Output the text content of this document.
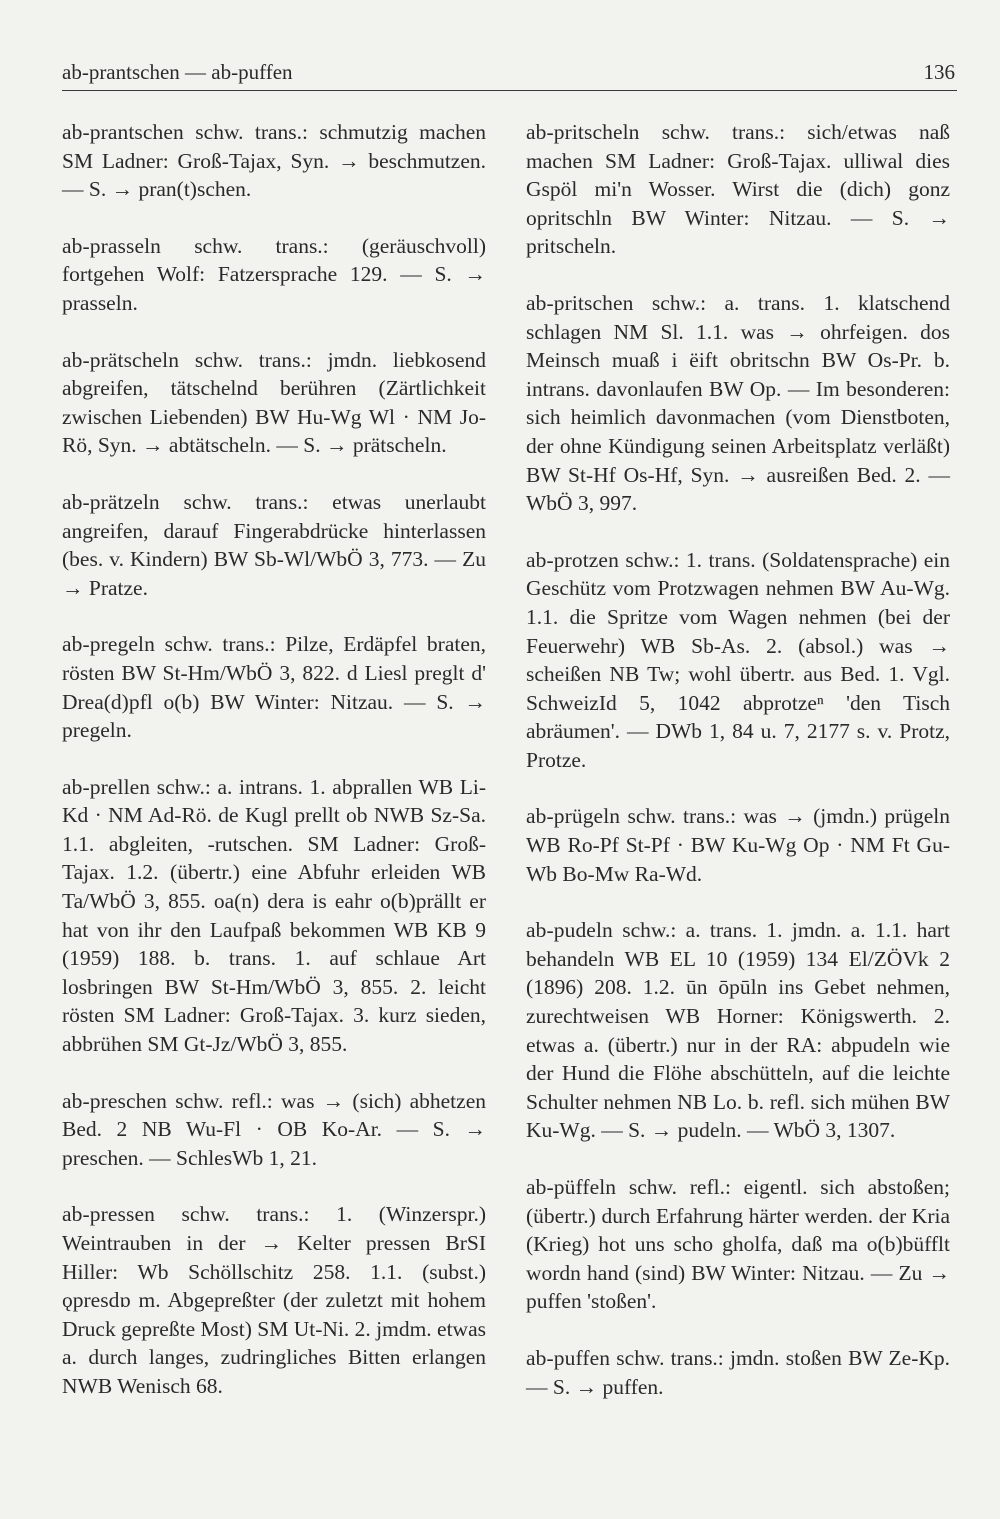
ab-prantschen — ab-puffen	136

ab-prantschen schw. trans.: schmutzig machen SM Ladner: Groß-Tajax, Syn. → beschmutzen. — S. → pran(t)schen.

ab-prasseln schw. trans.: (geräuschvoll) fortgehen Wolf: Fatzersprache 129. — S. → prasseln.

ab-prätscheln schw. trans.: jmdn. liebkosend abgreifen, tätschelnd berühren (Zärtlichkeit zwischen Liebenden) BW Hu-Wg Wl · NM Jo-Rö, Syn. → abtätscheln. — S. → prätscheln.

ab-prätzeln schw. trans.: etwas unerlaubt angreifen, darauf Fingerabdrücke hinterlassen (bes. v. Kindern) BW Sb-Wl/WbÖ 3, 773. — Zu → Pratze.

ab-pregeln schw. trans.: Pilze, Erdäpfel braten, rösten BW St-Hm/WbÖ 3, 822. d Liesl preglt d' Drea(d)pfl o(b) BW Winter: Nitzau. — S. → pregeln.

ab-prellen schw.: a. intrans. 1. abprallen WB Li-Kd · NM Ad-Rö. de Kugl prellt ob NWB Sz-Sa. 1.1. abgleiten, -rutschen. SM Ladner: Groß-Tajax. 1.2. (übertr.) eine Abfuhr erleiden WB Ta/WbÖ 3, 855. oa(n) dera is eahr o(b)prällt er hat von ihr den Laufpaß bekommen WB KB 9 (1959) 188. b. trans. 1. auf schlaue Art losbringen BW St-Hm/WbÖ 3, 855. 2. leicht rösten SM Ladner: Groß-Tajax. 3. kurz sieden, abbrühen SM Gt-Jz/WbÖ 3, 855.

ab-preschen schw. refl.: was → (sich) abhetzen Bed. 2 NB Wu-Fl · OB Ko-Ar. — S. → preschen. — SchlesWb 1, 21.

ab-pressen schw. trans.: 1. (Winzerspr.) Weintrauben in der → Kelter pressen BrSI Hiller: Wb Schöllschitz 258. 1.1. (subst.) ǫpresdɒ m. Abgepreßter (der zuletzt mit hohem Druck gepreßte Most) SM Ut-Ni. 2. jmdm. etwas a. durch langes, zudringliches Bitten erlangen NWB Wenisch 68.

ab-pritscheln schw. trans.: sich/etwas naß machen SM Ladner: Groß-Tajax. ulliwal dies Gspöl mi'n Wosser. Wirst die (dich) gonz opritschln BW Winter: Nitzau. — S. → pritscheln.

ab-pritschen schw.: a. trans. 1. klatschend schlagen NM Sl. 1.1. was → ohrfeigen. dos Meinsch muaß i ëift obritschn BW Os-Pr. b. intrans. davonlaufen BW Op. — Im besonderen: sich heimlich davonmachen (vom Dienstboten, der ohne Kündigung seinen Arbeitsplatz verläßt) BW St-Hf Os-Hf, Syn. → ausreißen Bed. 2. — WbÖ 3, 997.

ab-protzen schw.: 1. trans. (Soldatensprache) ein Geschütz vom Protzwagen nehmen BW Au-Wg. 1.1. die Spritze vom Wagen nehmen (bei der Feuerwehr) WB Sb-As. 2. (absol.) was → scheißen NB Tw; wohl übertr. aus Bed. 1. Vgl. SchweizId 5, 1042 abprotzeⁿ 'den Tisch abräumen'. — DWb 1, 84 u. 7, 2177 s. v. Protz, Protze.

ab-prügeln schw. trans.: was → (jmdn.) prügeln WB Ro-Pf St-Pf · BW Ku-Wg Op · NM Ft Gu-Wb Bo-Mw Ra-Wd.

ab-pudeln schw.: a. trans. 1. jmdn. a. 1.1. hart behandeln WB EL 10 (1959) 134 El/ZÖVk 2 (1896) 208. 1.2. ūn ōpūln ins Gebet nehmen, zurechtweisen WB Horner: Königswerth. 2. etwas a. (übertr.) nur in der RA: abpudeln wie der Hund die Flöhe abschütteln, auf die leichte Schulter nehmen NB Lo. b. refl. sich mühen BW Ku-Wg. — S. → pudeln. — WbÖ 3, 1307.

ab-püffeln schw. refl.: eigentl. sich abstoßen; (übertr.) durch Erfahrung härter werden. der Kria (Krieg) hot uns scho gholfa, daß ma o(b)büfflt wordn hand (sind) BW Winter: Nitzau. — Zu → puffen 'stoßen'.

ab-puffen schw. trans.: jmdn. stoßen BW Ze-Kp. — S. → puffen.
